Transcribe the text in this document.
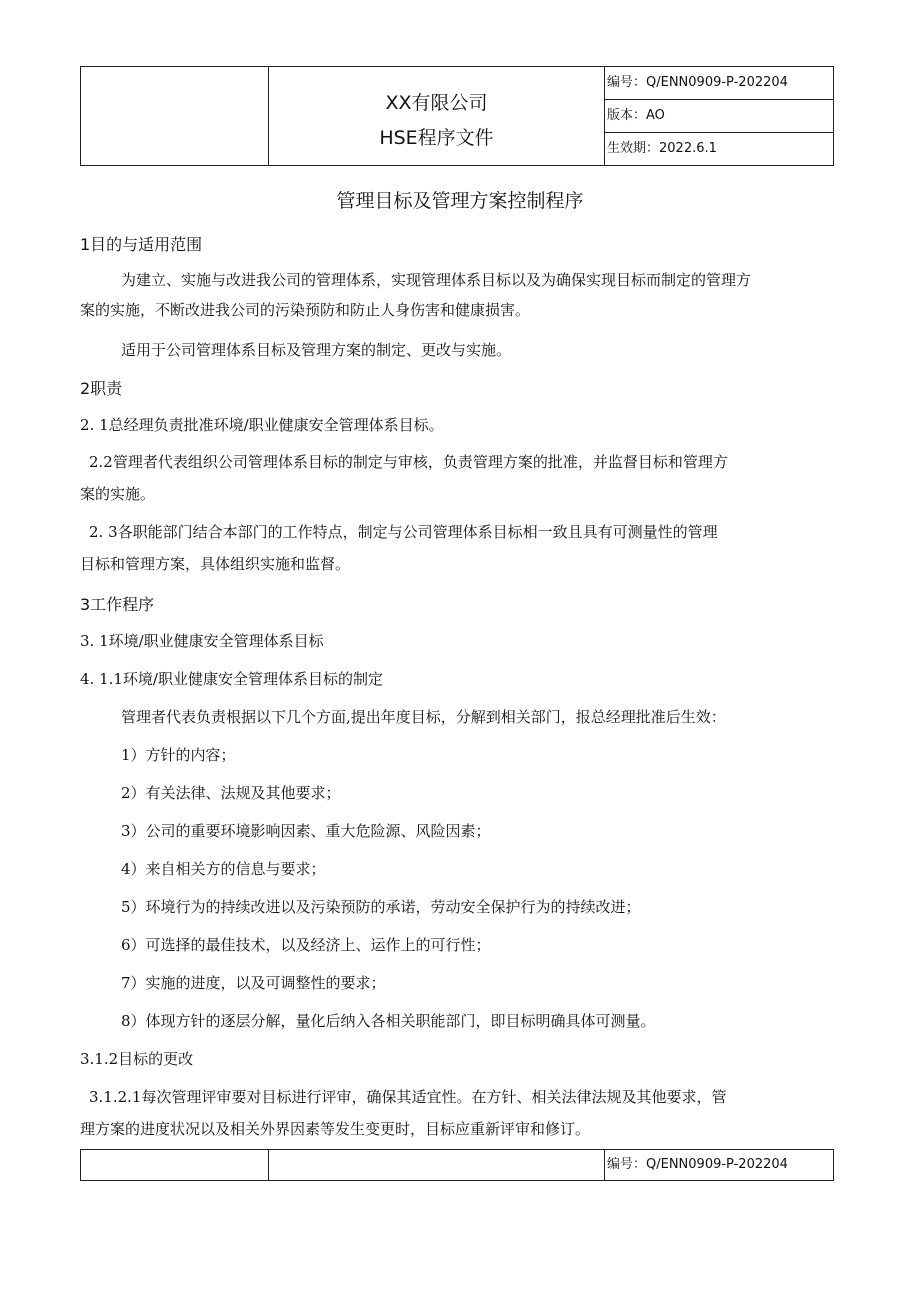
XX有限公司
HSE程序文件
编号：Q/ENN0909-P-202204
版本：AO
生效期：2022.6.1
管理目标及管理方案控制程序
1目的与适用范围
为建立、实施与改进我公司的管理体系，实现管理体系目标以及为确保实现目标而制定的管理方
案的实施，不断改进我公司的污染预防和防止人身伤害和健康损害。
适用于公司管理体系目标及管理方案的制定、更改与实施。
2职责
2. 1总经理负责批准环境/职业健康安全管理体系目标。
2.2管理者代表组织公司管理体系目标的制定与审核，负责管理方案的批准，并监督目标和管理方
案的实施。
2. 3各职能部门结合本部门的工作特点，制定与公司管理体系目标相一致且具有可测量性的管理
目标和管理方案，具体组织实施和监督。
3工作程序
3. 1环境/职业健康安全管理体系目标
4. 1.1环境/职业健康安全管理体系目标的制定
管理者代表负责根据以下几个方面,提出年度目标，分解到相关部门，报总经理批准后生效：
1）方针的内容；
2）有关法律、法规及其他要求；
3）公司的重要环境影响因素、重大危险源、风险因素；
4）来自相关方的信息与要求；
5）环境行为的持续改进以及污染预防的承诺，劳动安全保护行为的持续改进；
6）可选择的最佳技术，以及经济上、运作上的可行性；
7）实施的进度，以及可调整性的要求；
8）体现方针的逐层分解，量化后纳入各相关职能部门，即目标明确具体可测量。
3.1.2目标的更改
3.1.2.1每次管理评审要对目标进行评审，确保其适宜性。在方针、相关法律法规及其他要求，管
理方案的进度状况以及相关外界因素等发生变更时，目标应重新评审和修订。
编号：Q/ENN0909-P-202204
